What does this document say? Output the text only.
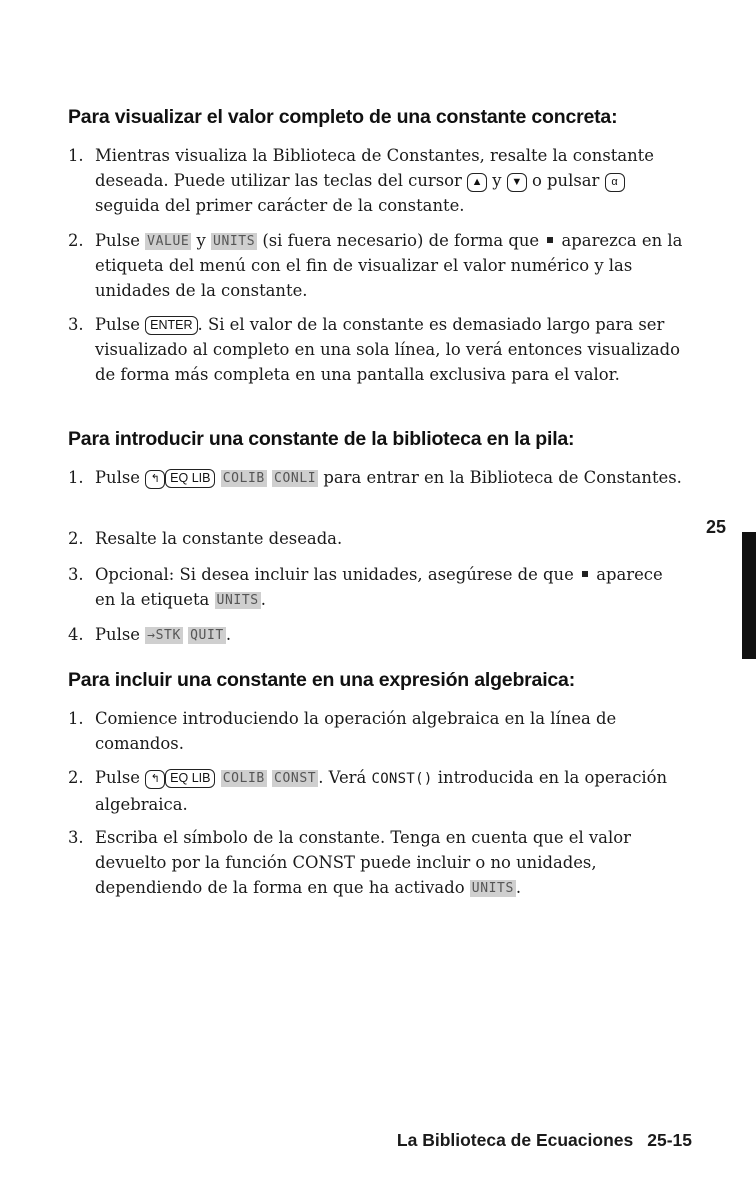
Para visualizar el valor completo de una constante concreta:
1. Mientras visualiza la Biblioteca de Constantes, resalte la constante deseada. Puede utilizar las teclas del cursor ▲ y ▼ o pulsar α seguida del primer carácter de la constante.
2. Pulse VALUE y UNITS (si fuera necesario) de forma que aparezca en la etiqueta del menú con el fin de visualizar el valor numérico y las unidades de la constante.
3. Pulse ENTER . Si el valor de la constante es demasiado largo para ser visualizado al completo en una sola línea, lo verá entonces visualizado de forma más completa en una pantalla exclusiva para el valor.
Para introducir una constante de la biblioteca en la pila:
1. Pulse ↰ EQ LIB COLIB CONLI para entrar en la Biblioteca de Constantes.
2. Resalte la constante deseada.
3. Opcional: Si desea incluir las unidades, asegúrese de que aparece en la etiqueta UNITS .
4. Pulse →STK QUIT .
Para incluir una constante en una expresión algebraica:
1. Comience introduciendo la operación algebraica en la línea de comandos.
2. Pulse ↰ EQ LIB COLIB CONST . Verá CONST() introducida en la operación algebraica.
3. Escriba el símbolo de la constante. Tenga en cuenta que el valor devuelto por la función CONST puede incluir o no unidades, dependiendo de la forma en que ha activado UNITS .
25
La Biblioteca de Ecuaciones 25-15
